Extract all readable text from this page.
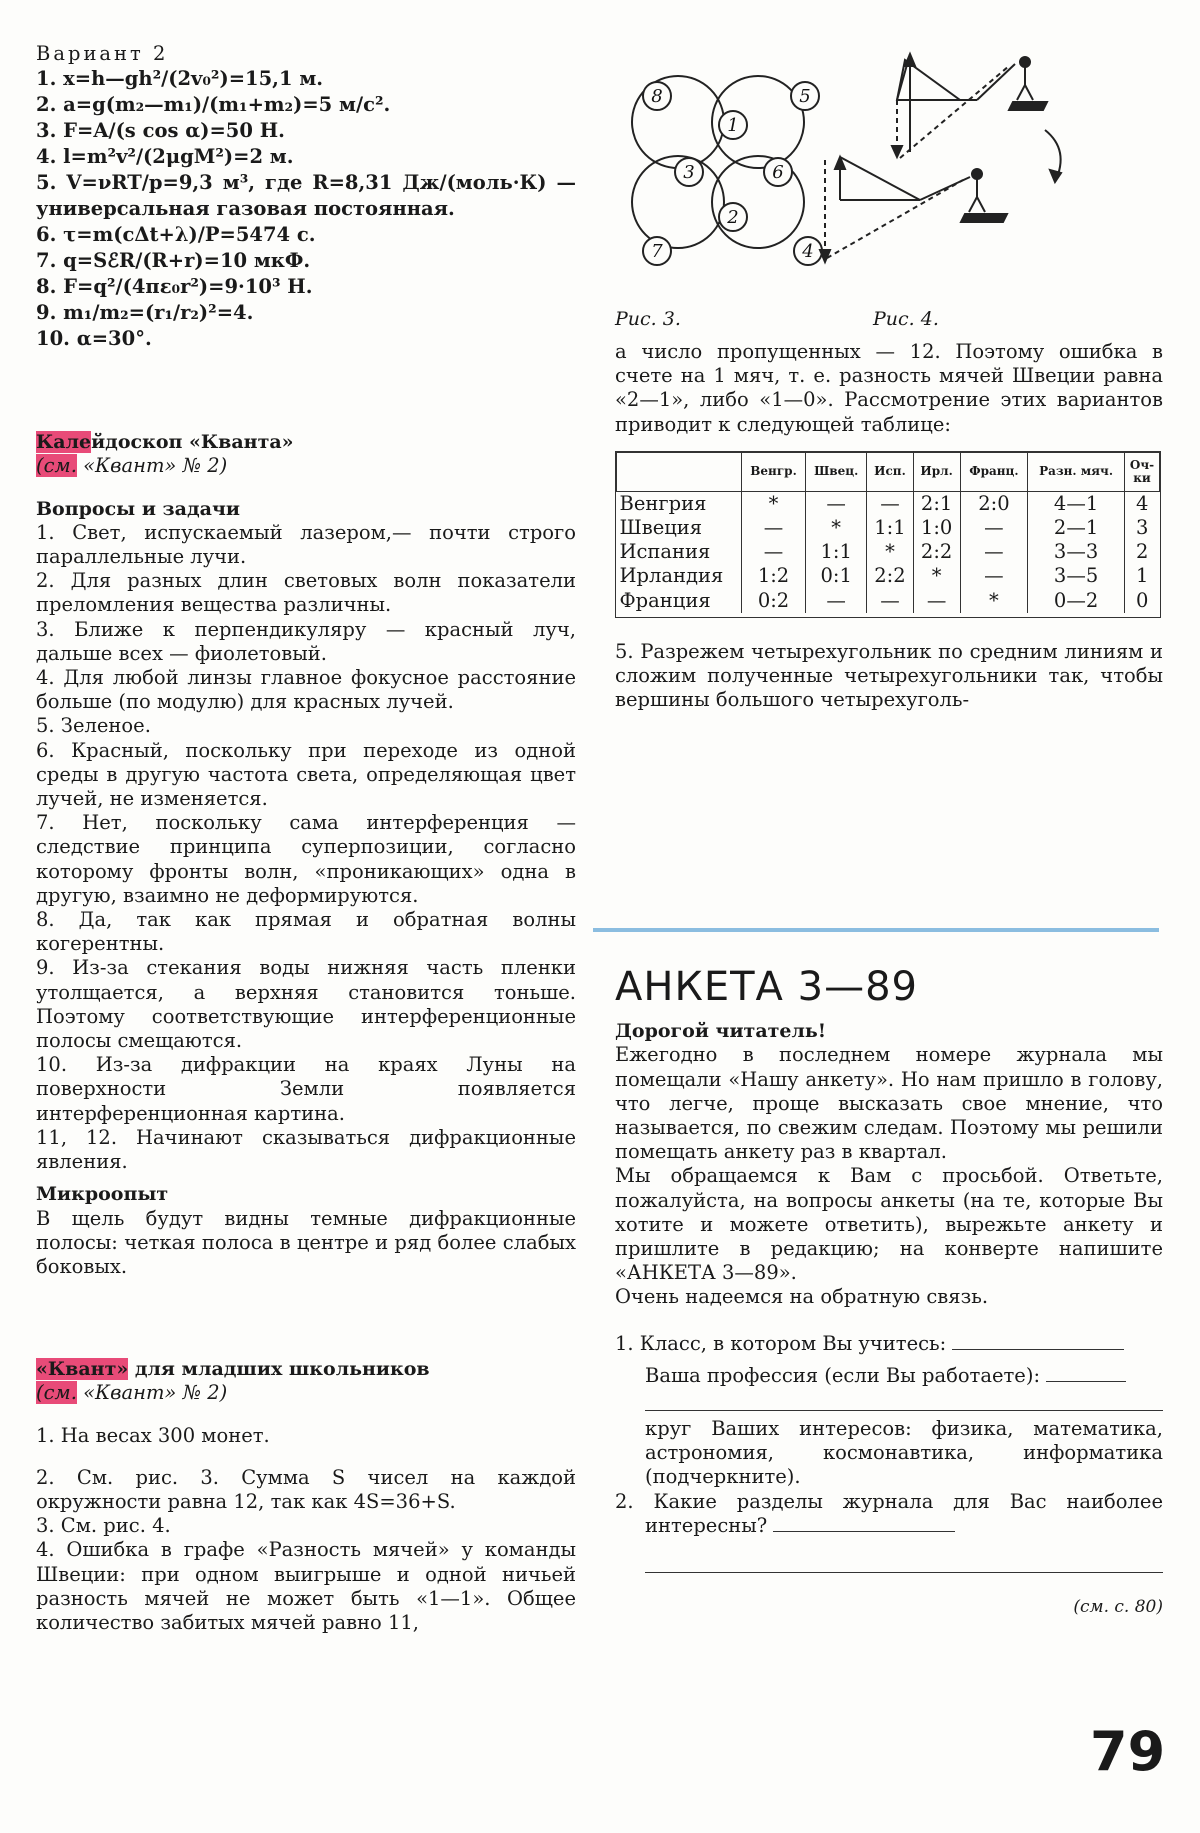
Вариант 2

1. x=h—gh²/(2v₀²)=15,1 м.

2. a=g(m₂—m₁)/(m₁+m₂)=5 м/с².

3. F=A/(s cos α)=50 Н.

4. l=m²v²/(2μgM²)=2 м.

5. V=νRT/p=9,3 м³, где R=8,31 Дж/(моль·К) — универсальная газовая постоянная.

6. τ=m(cΔt+λ)/P=5474 с.

7. q=SℰR/(R+r)=10 мкФ.

8. F=q²/(4πε₀r²)=9·10³ Н.

9. m₁/m₂=(r₁/r₂)²=4.

10. α=30°.

Калейдоскоп «Кванта»

(см. «Квант» № 2)

Вопросы и задачи

1. Свет, испускаемый лазером,— почти строго параллельные лучи.

2. Для разных длин световых волн показатели преломления вещества различны.

3. Ближе к перпендикуляру — красный луч, дальше всех — фиолетовый.

4. Для любой линзы главное фокусное расстояние больше (по модулю) для красных лучей.

5. Зеленое.

6. Красный, поскольку при переходе из одной среды в другую частота света, определяющая цвет лучей, не изменяется.

7. Нет, поскольку сама интерференция — следствие принципа суперпозиции, согласно которому фронты волн, «проникающих» одна в другую, взаимно не деформируются.

8. Да, так как прямая и обратная волны когерентны.

9. Из-за стекания воды нижняя часть пленки утолщается, а верхняя становится тоньше. Поэтому соответствующие интерференционные полосы смещаются.

10. Из-за дифракции на краях Луны на поверхности Земли появляется интерференционная картина.

11, 12. Начинают сказываться дифракционные явления.

Микроопыт

В щель будут видны темные дифракционные полосы: четкая полоса в центре и ряд более слабых боковых.

«Квант» для младших школьников

(см. «Квант» № 2)

1. На весах 300 монет.

2. См. рис. 3. Сумма S чисел на каждой окружности равна 12, так как 4S=36+S.

3. См. рис. 4.

4. Ошибка в графе «Разность мячей» у команды Швеции: при одном выигрыше и одной ничьей разность мячей не может быть «1—1». Общее количество забитых мячей равно 11,

8	5
1
3	6
2
7	4
Рис. 3.	Рис. 4.

а число пропущенных — 12. Поэтому ошибка в счете на 1 мяч, т. е. разность мячей Швеции равна «2—1», либо «1—0». Рассмотрение этих вариантов приводит к следующей таблице:

	Венгр.	Швец.	Исп.	Ирл.	Франц.	Разн. мяч.	Оч-ки
Венгрия	*	—	—	2:1	2:0	4—1	4
Швеция	—	*	1:1	1:0	—	2—1	3
Испания	—	1:1	*	2:2	—	3—3	2
Ирландия	1:2	0:1	2:2	*	—	3—5	1
Франция	0:2	—	—	—	*	0—2	0

5. Разрежем четырехугольник по средним линиям и сложим полученные четырехугольники так, чтобы вершины большого четырехуголь-

АНКЕТА 3—89

Дорогой читатель!

Ежегодно в последнем номере журнала мы помещали «Нашу анкету». Но нам пришло в голову, что легче, проще высказать свое мнение, что называется, по свежим следам. Поэтому мы решили помещать анкету раз в квартал.

Мы обращаемся к Вам с просьбой. Ответьте, пожалуйста, на вопросы анкеты (на те, которые Вы хотите и можете ответить), вырежьте анкету и пришлите в редакцию; на конверте напишите «АНКЕТА 3—89».

Очень надеемся на обратную связь.

1. Класс, в котором Вы учитесь:

Ваша профессия (если Вы работаете):

круг Ваших интересов: физика, математика, астрономия, космонавтика, информатика (подчеркните).

2. Какие разделы журнала для Вас наиболее интересны?

(см. с. 80)

79
